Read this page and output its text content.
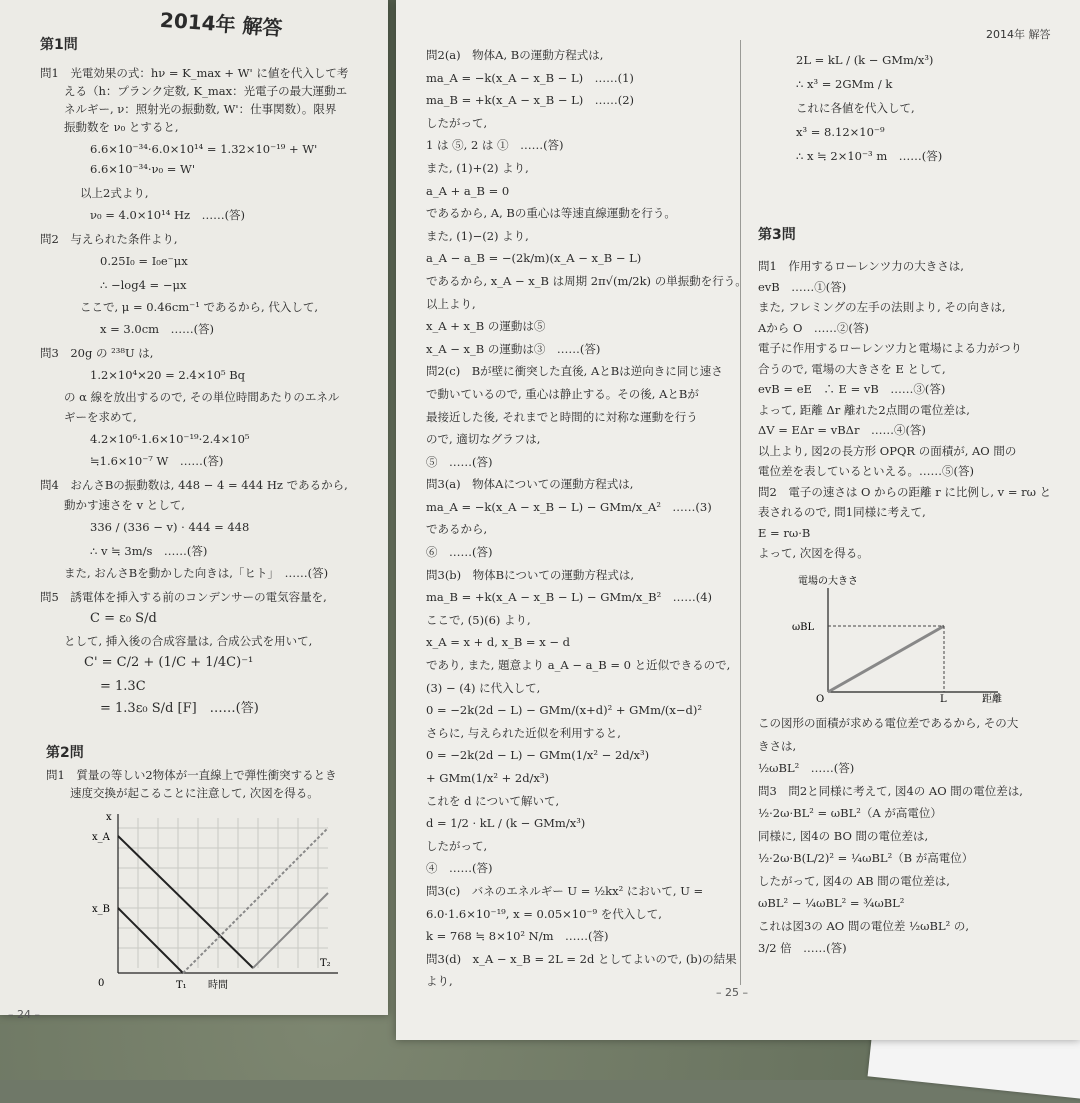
2014年 解答
第1問
問1　光電効果の式：hν = K_max + W' に値を代入して考
える（h：プランク定数, K_max：光電子の最大運動エ
ネルギー, ν：照射光の振動数, W'：仕事関数）。限界
振動数を ν₀ とすると,
6.6×10⁻³⁴·6.0×10¹⁴ = 1.32×10⁻¹⁹ + W'
6.6×10⁻³⁴·ν₀ = W'
以上2式より,
ν₀ = 4.0×10¹⁴ Hz　……(答)
問2　与えられた条件より,
0.25I₀ = I₀e⁻μx
∴ −log4 = −μx
ここで, μ = 0.46cm⁻¹ であるから, 代入して,
x = 3.0cm　……(答)
問3　20g の ²³⁸U は,
1.2×10⁴×20 = 2.4×10⁵ Bq
の α 線を放出するので, その単位時間あたりのエネル
ギーを求めて,
4.2×10⁶·1.6×10⁻¹⁹·2.4×10⁵
≒1.6×10⁻⁷ W　……(答)
問4　おんさBの振動数は, 448 − 4 = 444 Hz であるから,
動かす速さを v として,
336 / (336 − v) · 444 = 448
∴ v ≒ 3m/s　……(答)
また, おんさBを動かした向きは,「ヒト」　……(答)
問5　誘電体を挿入する前のコンデンサーの電気容量を,
C = ε₀ S/d
として, 挿入後の合成容量は, 合成公式を用いて,
C' = C/2 + (1/C + 1/4C)⁻¹
= 1.3C
= 1.3ε₀ S/d [F]　……(答)
第2問
問1　質量の等しい2物体が一直線上で弾性衝突するとき
速度交換が起こることに注意して, 次図を得る。
x
x_A
x_B
0	T₁ 時間
T₂
– 24 –
2014年 解答
問2(a)　物体A, Bの運動方程式は,
ma_A = −k(x_A − x_B − L)　……(1)
ma_B = +k(x_A − x_B − L)　……(2)
したがって,
1 は ⑤, 2 は ①　……(答)
また, (1)+(2) より,
a_A + a_B = 0
であるから, A, Bの重心は等速直線運動を行う。
また, (1)−(2) より,
a_A − a_B = −(2k/m)(x_A − x_B − L)
であるから, x_A − x_B は周期 2π√(m/2k) の単振動を行う。
以上より,
x_A + x_B の運動は⑤
x_A − x_B の運動は③　……(答)
問2(c)　Bが壁に衝突した直後, AとBは逆向きに同じ速さ
で動いているので, 重心は静止する。その後, AとBが
最接近した後, それまでと時間的に対称な運動を行う
ので, 適切なグラフは,
⑤　……(答)
問3(a)　物体Aについての運動方程式は,
ma_A = −k(x_A − x_B − L) − GMm/x_A²　……(3)
であるから,
⑥　……(答)
問3(b)　物体Bについての運動方程式は,
ma_B = +k(x_A − x_B − L) − GMm/x_B²　……(4)
ここで, (5)(6) より,
x_A = x + d, x_B = x − d
であり, また, 題意より a_A − a_B = 0 と近似できるので,
(3) − (4) に代入して,
0 = −2k(2d − L) − GMm/(x+d)² + GMm/(x−d)²
さらに, 与えられた近似を利用すると,
0 = −2k(2d − L) − GMm(1/x² − 2d/x³)
+ GMm(1/x² + 2d/x³)
これを d について解いて,
d = 1/2 · kL / (k − GMm/x³)
したがって,
④　……(答)
問3(c)　バネのエネルギー U = ½kx² において, U =
6.0·1.6×10⁻¹⁹, x = 0.05×10⁻⁹ を代入して,
k = 768 ≒ 8×10² N/m　……(答)
問3(d)　x_A − x_B = 2L = 2d としてよいので, (b)の結果
より,
2L = kL / (k − GMm/x³)
∴ x³ = 2GMm / k
これに各値を代入して,
x³ = 8.12×10⁻⁹
∴ x ≒ 2×10⁻³ m　……(答)
第3問
問1　作用するローレンツ力の大きさは,
evB　……①(答)
また, フレミングの左手の法則より, その向きは,
Aから O　……②(答)
電子に作用するローレンツ力と電場による力がつり
合うので, 電場の大きさを E として,
evB = eE　∴ E = vB　……③(答)
よって, 距離 Δr 離れた2点間の電位差は,
ΔV = EΔr = vBΔr　……④(答)
以上より, 図2の長方形 OPQR の面積が, AO 間の
電位差を表しているといえる。……⑤(答)
問2　電子の速さは O からの距離 r に比例し, v = rω と
表されるので, 問1同様に考えて,
E = rω·B
よって, 次図を得る。
電場の大きさ
ωBL
O	L	距離
この図形の面積が求める電位差であるから, その大
きさは,
½ωBL²　……(答)
問3　問2と同様に考えて, 図4の AO 間の電位差は,
½·2ω·BL² = ωBL²（A が高電位）
同様に, 図4の BO 間の電位差は,
½·2ω·B(L/2)² = ¼ωBL²（B が高電位）
したがって, 図4の AB 間の電位差は,
ωBL² − ¼ωBL² = ¾ωBL²
これは図3の AO 間の電位差 ½ωBL² の,
3/2 倍　……(答)
– 25 –
